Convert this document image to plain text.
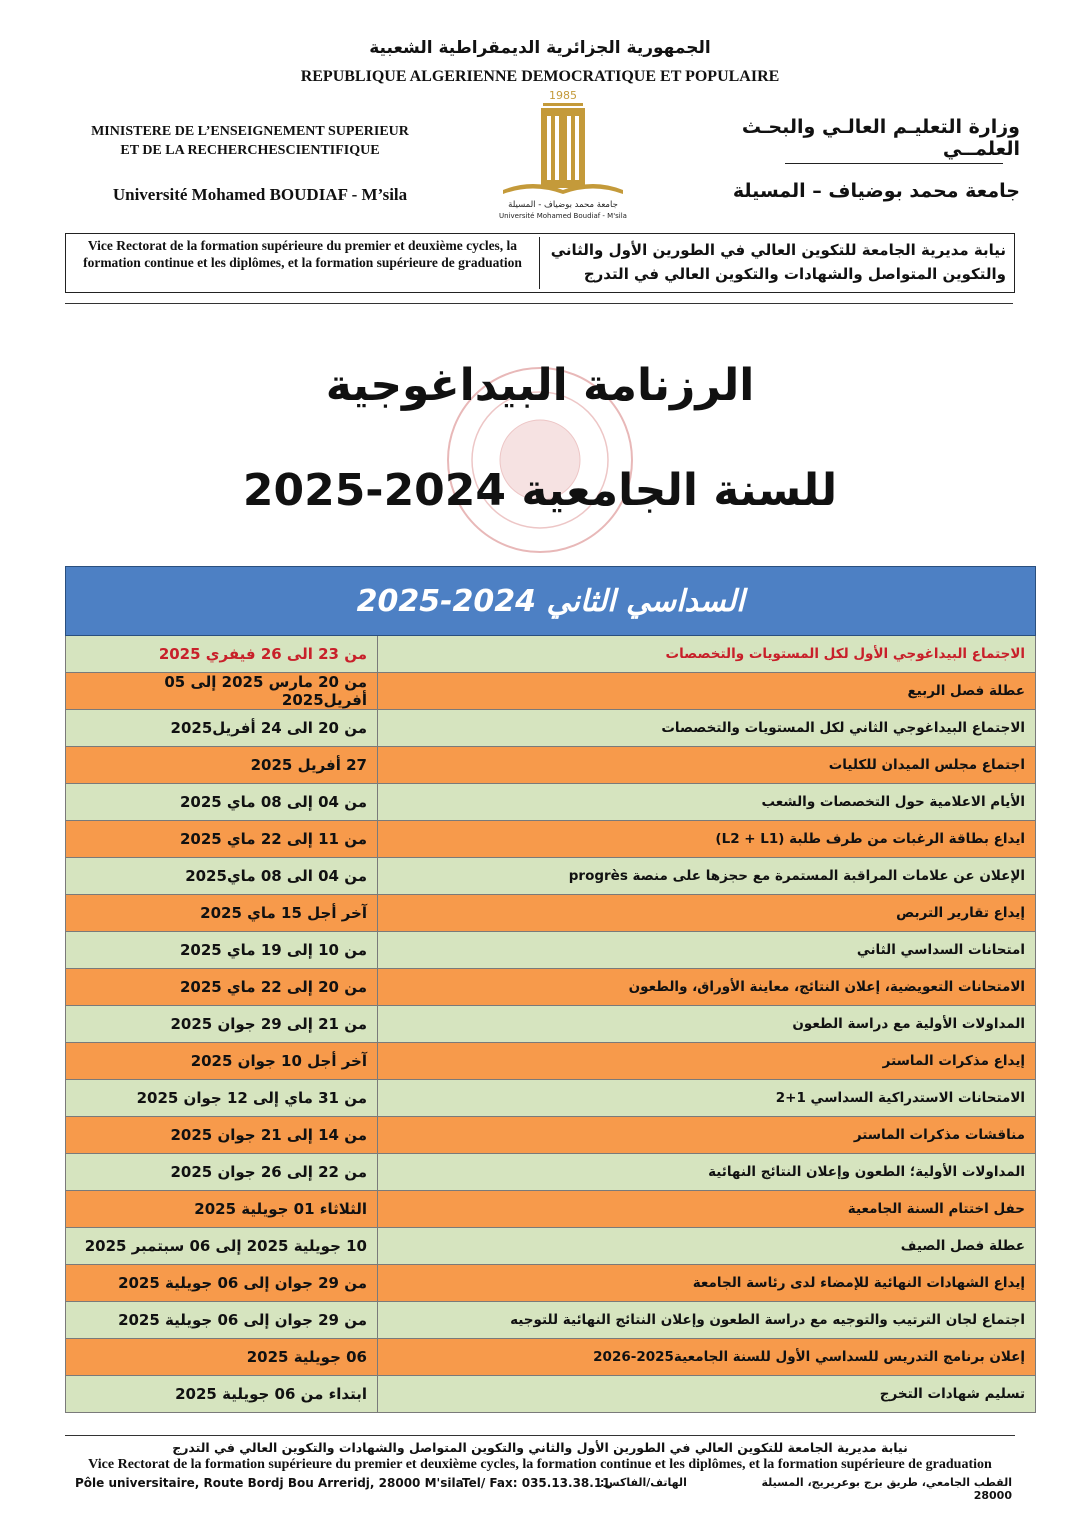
الجمهورية الجزائرية الديمقراطية الشعبية
REPUBLIQUE ALGERIENNE DEMOCRATIQUE ET POPULAIRE
MINISTERE DE L’ENSEIGNEMENT SUPERIEUR
ET DE LA RECHERCHESCIENTIFIQUE
Université Mohamed BOUDIAF - M’sila
وزارة التعليـم العالـي والبحـث العلمــي
جامعة محمد بوضياف – المسيلة
1985
جامعة محمد بوضياف - المسيلة
Université Mohamed Boudiaf - M'sila
Vice Rectorat de la formation supérieure du premier et deuxième cycles, la formation continue et les diplômes, et la formation supérieure de graduation
نيابة مديرية الجامعة للتكوين العالي في الطورين الأول والثاني
والتكوين المتواصل والشهادات والتكوين العالي في التدرج
الرزنامة البيداغوجية
للسنة الجامعية 2025-2024
السداسي الثاني 2024-2025	
من 23 الى 26 فيفري 2025	الاجتماع البيداغوجي الأول لكل المستويات والتخصصات
من 20 مارس 2025 إلى 05 أفريل2025	عطلة فصل الربيع
من 20 الى 24 أفريل2025	الاجتماع البيداغوجي الثاني لكل المستويات والتخصصات
27 أفريل 2025	اجتماع مجلس الميدان للكليات
من 04 إلى 08 ماي 2025	الأيام الاعلامية حول التخصصات والشعب
من 11 إلى 22 ماي 2025	ايداع بطاقة الرغبات من طرف طلبة (L2 + L1)
من 04 الى 08 ماي2025	الإعلان عن علامات المراقبة المستمرة مع حجزها على منصة progrès
آخر أجل 15 ماي 2025	إيداع تقارير التربص
من 10 إلى 19 ماي 2025	امتحانات السداسي الثاني
من 20 إلى 22 ماي 2025	الامتحانات التعويضية، إعلان النتائج، معاينة الأوراق، والطعون
من 21 إلى 29 جوان 2025	المداولات الأولية مع دراسة الطعون
آخر أجل 10 جوان 2025	إيداع مذكرات الماستر
من 31 ماي إلى 12 جوان 2025	الامتحانات الاستدراكية السداسي 1+2
من 14 إلى 21 جوان 2025	مناقشات مذكرات الماستر
من 22 إلى 26 جوان 2025	المداولات الأولية؛ الطعون وإعلان النتائج النهائية
الثلاثاء 01 جويلية 2025	حفل اختتام السنة الجامعية
10 جويلية 2025 إلى 06 سبتمبر 2025	عطلة فصل الصيف
من 29 جوان إلى 06 جويلية 2025	إيداع الشهادات النهائية للإمضاء لدى رئاسة الجامعة
من 29 جوان إلى 06 جويلية 2025	اجتماع لجان الترتيب والتوجيه مع دراسة الطعون وإعلان النتائج النهائية للتوجيه
06 جويلية 2025	إعلان برنامج التدريس للسداسي الأول للسنة الجامعية2025-2026
ابتداء من 06 جويلية 2025	تسليم شهادات التخرج
نيابة مديرية الجامعة للتكوين العالي في الطورين الأول والثاني والتكوين المتواصل والشهادات والتكوين العالي في التدرج
Vice Rectorat de la formation supérieure du premier et deuxième cycles, la formation continue et les diplômes, et la formation supérieure de graduation
Pôle universitaire, Route Bordj Bou Arreridj, 28000 M'sila
Tel/ Fax: 035.13.38.11
الهاتف/الفاكس:	القطب الجامعي، طريق برج بوعريريج، المسيلة 28000
